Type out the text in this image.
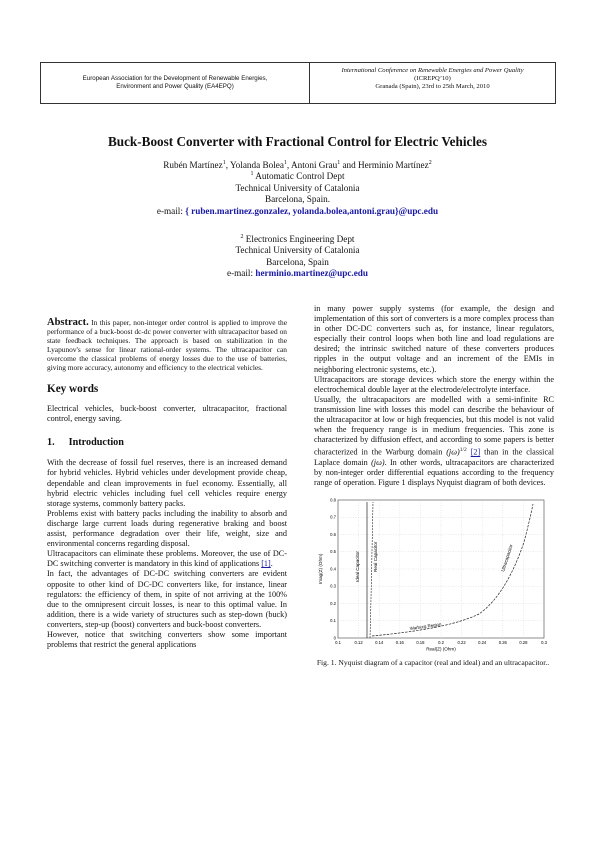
European Association for the Development of Renewable Energies,
Environment and Power Quality (EA4EPQ)
International Conference on Renewable Energies and Power Quality
(ICREPQ’10)
Granada (Spain), 23rd to 25th March, 2010
Buck-Boost Converter with Fractional Control for Electric Vehicles
Rubén Martínez$^1$, Yolanda Bolea$^1$, Antoni Grau$^1$ and Herminio Martínez$^2$
$^1$ Automatic Control Dept
Technical University of Catalonia
Barcelona, Spain.
e-mail: { ruben.martinez.gonzalez, yolanda.bolea,antoni.grau}@upc.edu
$^2$ Electronics Engineering Dept
Technical University of Catalonia
Barcelona, Spain
e-mail: herminio.martinez@upc.edu

Abstract. In this paper, non-integer order control is applied to improve the performance of a buck-boost dc-dc power converter with ultracapacitor based on state feedback techniques. The approach is based on stabilization in the Lyapunov's sense for linear rational-order systems. The ultracapacitor can overcome the classical problems of energy losses due to the use of batteries, giving more accuracy, autonomy and efficiency to the electrical vehicles.

Key words

Electrical vehicles, buck-boost converter, ultracapacitor, fractional control, energy saving.

1. Introduction

With the decrease of fossil fuel reserves, there is an increased demand for hybrid vehicles. Hybrid vehicles under development provide cheap, dependable and clean improvements in fuel economy. Essentially, all hybrid electric vehicles including fuel cell vehicles require energy storage systems, commonly battery packs.

Problems exist with battery packs including the inability to absorb and discharge large current loads during regenerative braking and boost assist, performance degradation over their life, weight, size and environmental concerns regarding disposal.

Ultracapacitors can eliminate these problems. Moreover, the use of DC-DC switching converter is mandatory in this kind of applications [1].

In fact, the advantages of DC-DC switching converters are evident opposite to other kind of DC-DC converters like, for instance, linear regulators: the efficiency of them, in spite of not arriving at the 100% due to the omnipresent circuit losses, is near to this optimal value. In addition, there is a wide variety of structures such as step-down (buck) converters, step-up (boost) converters and buck-boost converters.

However, notice that switching converters show some important problems that restrict the general applications

in many power supply systems (for example, the design and implementation of this sort of converters is a more complex process than in other DC-DC converters such as, for instance, linear regulators, especially their control loops when both line and load regulations are desired; the intrinsic switched nature of these converters produces ripples in the output voltage and an increment of the EMIs in neighboring electronic systems, etc.).

Ultracapacitors are storage devices which store the energy within the electrochemical double layer at the electrode/electrolyte interface.

Usually, the ultracapacitors are modelled with a semi-infinite RC transmission line with losses this model can describe the behaviour of the ultracapacitor at low or high frequencies, but this model is not valid when the frequency range is in medium frequencies. This zone is characterized by diffusion effect, and according to some papers is better characterized in the Warburg domain $(j\omega)^{1/2}$ [2] than in the classical Laplace domain (jω). In other words, ultracapacitors are characterized by non-integer order differential equations according to the frequency range of operation. Figure 1 displays Nyquist diagram of both devices.

Ideal Capacitor	Real Capacitor	Ultracapacitor
Warburg Region
Imag(Z) (Ohm)
0
0.1
0.2
0.3
0.4
0.5
0.6
0.7
0.8
0.1	0.12	0.14	0.16	0.18	0.2	0.22	0.24	0.26	0.28	0.3
Real(Z) (Ohm)

Fig. 1. Nyquist diagram of a capacitor (real and ideal) and an ultracapacitor..
